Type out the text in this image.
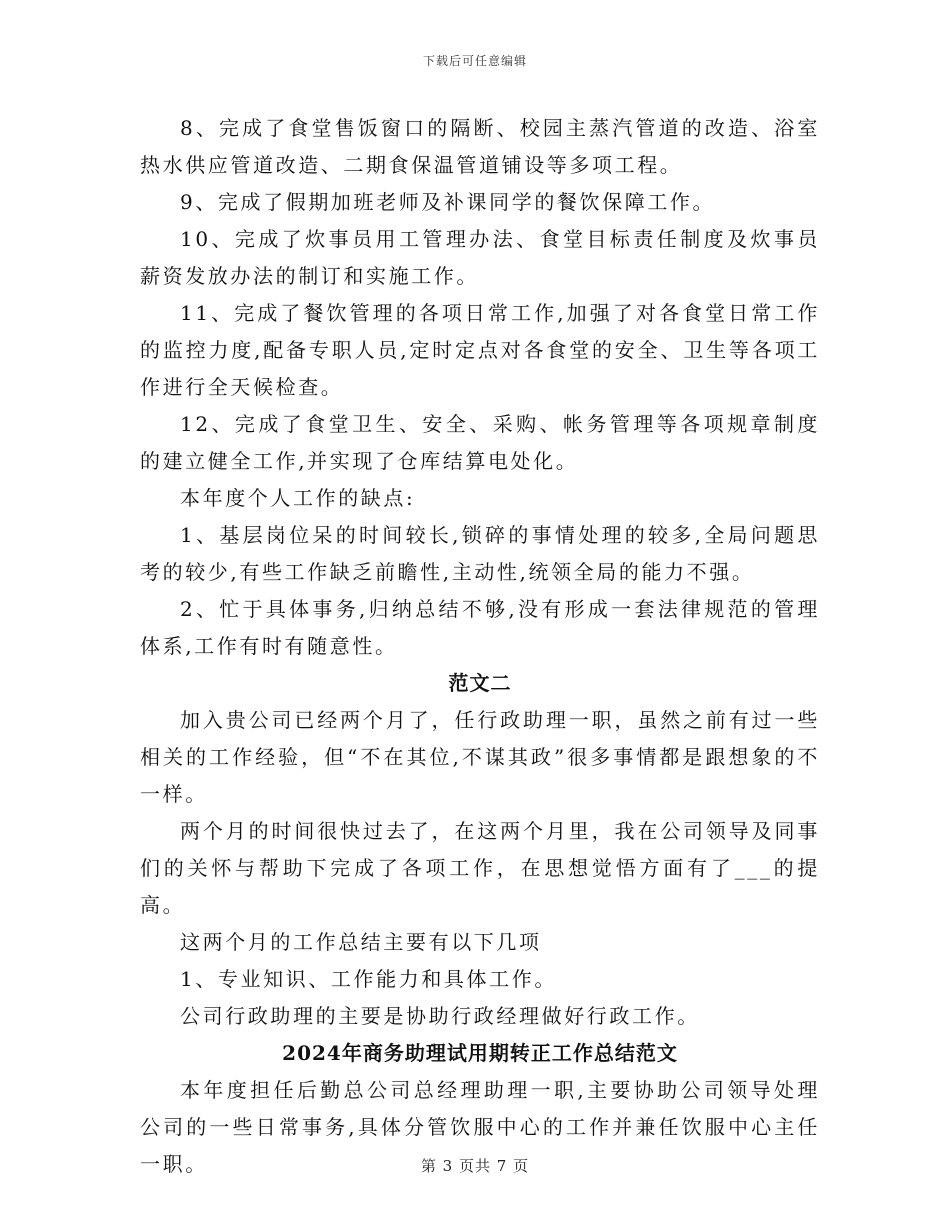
下载后可任意编辑

8、完成了食堂售饭窗口的隔断、校园主蒸汽管道的改造、浴室热水供应管道改造、二期食保温管道铺设等多项工程。

9、完成了假期加班老师及补课同学的餐饮保障工作。

10、完成了炊事员用工管理办法、食堂目标责任制度及炊事员薪资发放办法的制订和实施工作。

11、完成了餐饮管理的各项日常工作,加强了对各食堂日常工作的监控力度,配备专职人员,定时定点对各食堂的安全、卫生等各项工作进行全天候检查。

12、完成了食堂卫生、安全、采购、帐务管理等各项规章制度的建立健全工作,并实现了仓库结算电处化。

本年度个人工作的缺点:

1、基层岗位呆的时间较长,锁碎的事情处理的较多,全局问题思考的较少,有些工作缺乏前瞻性,主动性,统领全局的能力不强。

2、忙于具体事务,归纳总结不够,没有形成一套法律规范的管理体系,工作有时有随意性。

范文二

加入贵公司已经两个月了，任行政助理一职，虽然之前有过一些相关的工作经验，但“不在其位,不谋其政”很多事情都是跟想象的不一样。

两个月的时间很快过去了，在这两个月里，我在公司领导及同事们的关怀与帮助下完成了各项工作，在思想觉悟方面有了___的提高。

这两个月的工作总结主要有以下几项

1、专业知识、工作能力和具体工作。

公司行政助理的主要是协助行政经理做好行政工作。

2024年商务助理试用期转正工作总结范文

本年度担任后勤总公司总经理助理一职,主要协助公司领导处理公司的一些日常事务,具体分管饮服中心的工作并兼任饮服中心主任一职。	第 3 页共 7 页
